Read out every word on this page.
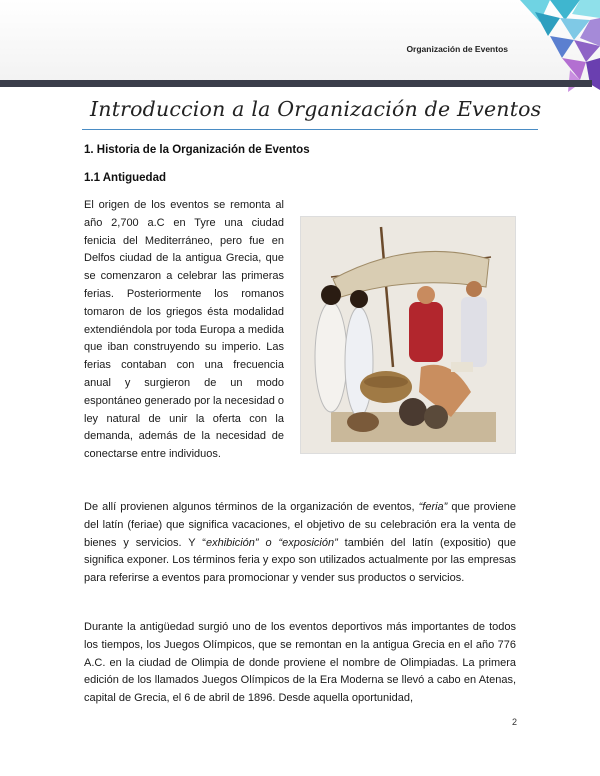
Organización de Eventos
Introduccion a la Organización de Eventos
1. Historia de la Organización de Eventos
1.1 Antiguedad
El origen de los eventos se remonta al año 2,700 a.C en Tyre una ciudad fenicia del Mediterráneo, pero fue en Delfos ciudad de la antigua Grecia, que se comenzaron a celebrar las primeras ferias. Posteriormente los romanos tomaron de los griegos ésta modalidad extendiéndola por toda Europa a medida que iban construyendo su imperio. Las ferias contaban con una frecuencia anual y surgieron de un modo espontáneo generado por la necesidad o ley natural de unir la oferta con la demanda, además de la necesidad de conectarse entre individuos.
De allí provienen algunos términos de la organización de eventos, “feria” que proviene del latín (feriae) que significa vacaciones, el objetivo de su celebración era la venta de bienes y servicios. Y “exhibición” o “exposición” también del latín (expositio) que significa exponer. Los términos feria y expo son utilizados actualmente por las empresas para referirse a eventos para promocionar y vender sus productos o servicios.
Durante la antigüedad surgió uno de los eventos deportivos más importantes de todos los tiempos, los Juegos Olímpicos, que se remontan en la antigua Grecia en el año 776 A.C. en la ciudad de Olimpia de donde proviene el nombre de Olimpiadas. La primera edición de los llamados Juegos Olímpicos de la Era Moderna se llevó a cabo en Atenas, capital de Grecia, el 6 de abril de 1896. Desde aquella oportunidad,
2
